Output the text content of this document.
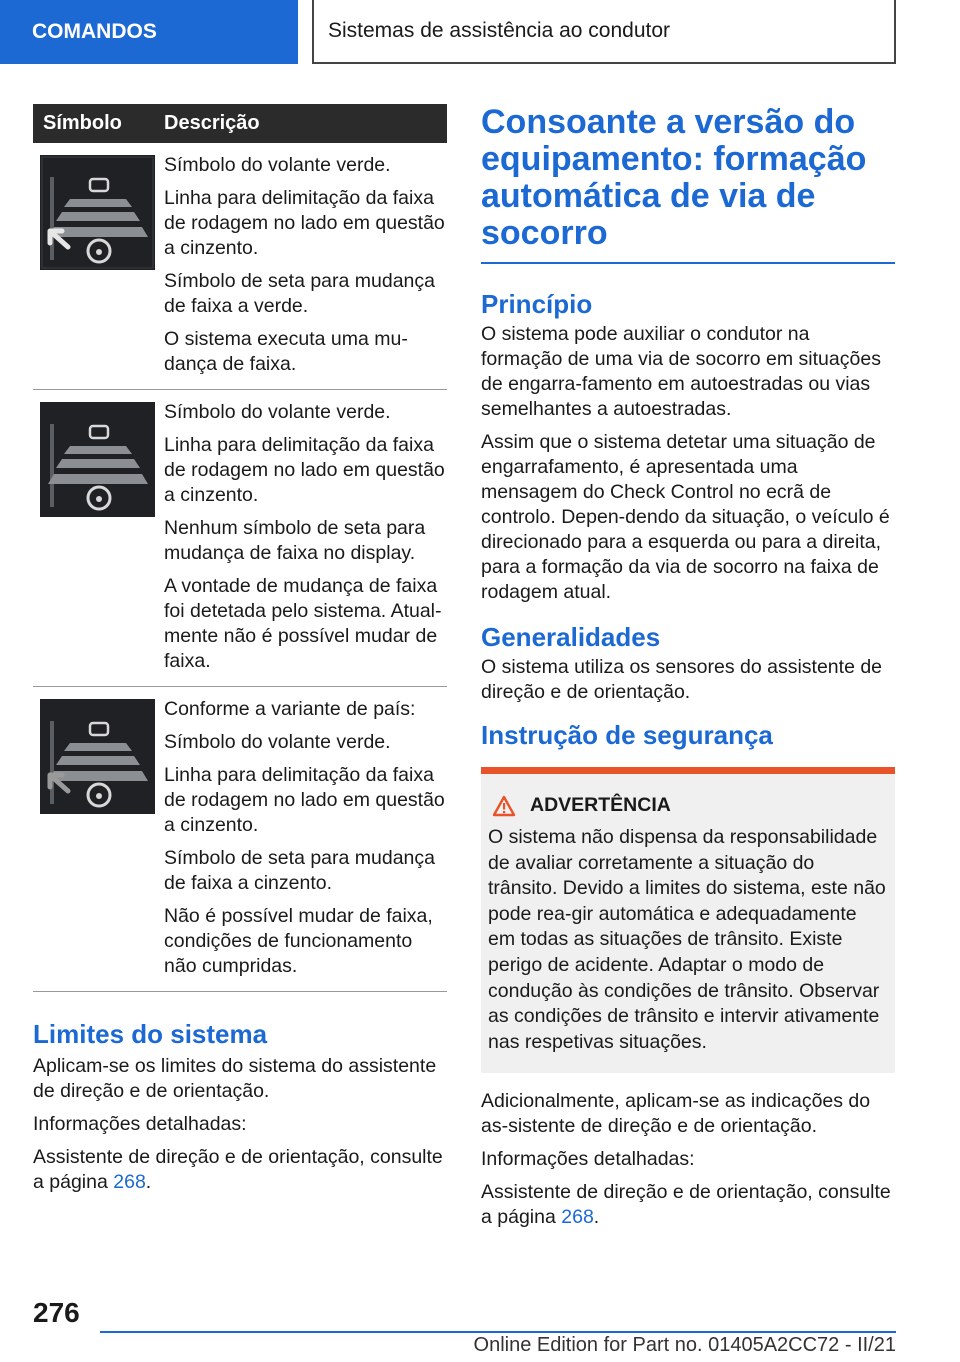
COMANDOS	Sistemas de assistência ao condutor
Símbolo	Descrição

Símbolo do volante verde.

Linha para delimitação da faixa de rodagem no lado em questão a cinzento.

Símbolo de seta para mudança de faixa a verde.

O sistema executa uma mu-dança de faixa.

Símbolo do volante verde.

Linha para delimitação da faixa de rodagem no lado em questão a cinzento.

Nenhum símbolo de seta para mudança de faixa no display.

A vontade de mudança de faixa foi detetada pelo sistema. Atual-mente não é possível mudar de faixa.

Conforme a variante de país:

Símbolo do volante verde.

Linha para delimitação da faixa de rodagem no lado em questão a cinzento.

Símbolo de seta para mudança de faixa a cinzento.

Não é possível mudar de faixa, condições de funcionamento não cumpridas.

Limites do sistema

Aplicam-se os limites do sistema do assistente de direção e de orientação.

Informações detalhadas:

Assistente de direção e de orientação, consulte a página 268.

Consoante a versão do equipamento: formação automática de via de socorro
Princípio

O sistema pode auxiliar o condutor na formação de uma via de socorro em situações de engarra-famento em autoestradas ou vias semelhantes a autoestradas.

Assim que o sistema detetar uma situação de engarrafamento, é apresentada uma mensagem do Check Control no ecrã de controlo. Depen-dendo da situação, o veículo é direcionado para a esquerda ou para a direita, para a formação da via de socorro na faixa de rodagem atual.

Generalidades

O sistema utiliza os sensores do assistente de direção e de orientação.

Instrução de segurança
ADVERTÊNCIA

O sistema não dispensa da responsabilidade de avaliar corretamente a situação do trânsito. Devido a limites do sistema, este não pode rea-gir automática e adequadamente em todas as situações de trânsito. Existe perigo de acidente. Adaptar o modo de condução às condições de trânsito. Observar as condições de trânsito e intervir ativamente nas respetivas situações.

Adicionalmente, aplicam-se as indicações do as-sistente de direção e de orientação.

Informações detalhadas:

Assistente de direção e de orientação, consulte a página 268.

276
Online Edition for Part no. 01405A2CC72 - II/21
